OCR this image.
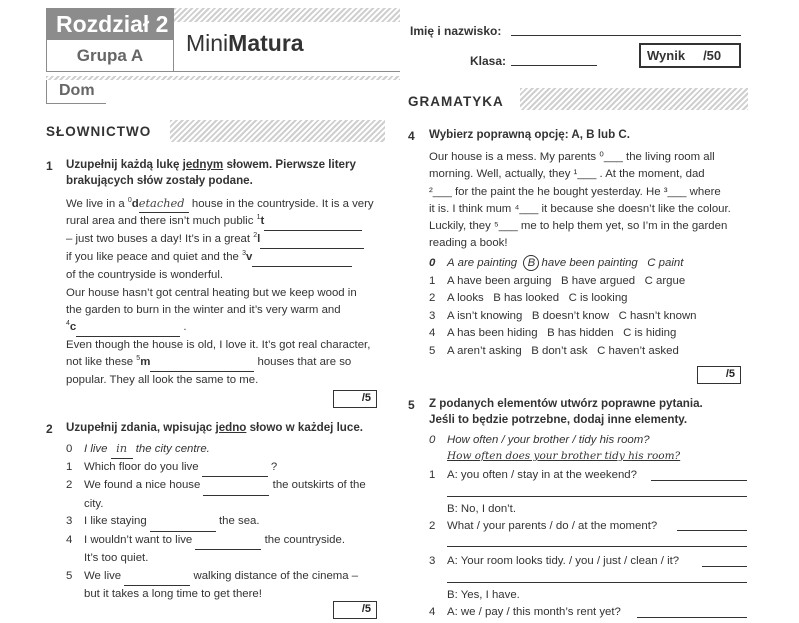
Rozdział 2
Grupa A	MiniMatura	Imię i nazwisko:
Klasa:	Wynik /50
Dom
GRAMATYKA
SŁOWNICTWO
1 Uzupełnij każdą lukę jednym słowem. Pierwsze litery
brakujących słów zostały podane.
We live in a $^0$detached house in the countryside. It is a very
rural area and there isn’t much public $^1$t
– just two buses a day! It’s in a great $^2$l
if you like peace and quiet and the $^3$v
of the countryside is wonderful.
Our house hasn’t got central heating but we keep wood in
the garden to burn in the winter and it’s very warm and
$^4$c	.
Even though the house is old, I love it. It’s got real character,
not like these $^5$m	houses that are so
popular. They all look the same to me.
/5
2 Uzupełnij zdania, wpisując jedno słowo w każdej luce.
0 I live in the city centre.
1 Which floor do you live	?
2 We found a nice house	the outskirts of the
city.
3 I like staying	the sea.
4 I wouldn’t want to live	the countryside.
It’s too quiet.
5 We live	walking distance of the cinema –
but it takes a long time to get there!
/5
4 Wybierz poprawną opcję: A, B lub C.
Our house is a mess. My parents ⁰___ the living room all
morning. Well, actually, they ¹___ . At the moment, dad
²___ for the paint the he bought yesterday. He ³___ where
it is. I think mum ⁴___ it because she doesn’t like the colour.
Luckily, they ⁵___ me to help them yet, so I’m in the garden
reading a book!
0 A are painting B have been painting   C paint
1 A have been arguing   B have argued   C argue
2 A looks   B has looked   C is looking
3 A isn’t knowing   B doesn’t know   C hasn’t known
4 A has been hiding   B has hidden   C is hiding
5 A aren’t asking   B don’t ask   C haven’t asked
/5
5 Z podanych elementów utwórz poprawne pytania.
Jeśli to będzie potrzebne, dodaj inne elementy.
0 How often / your brother / tidy his room?
How often does your brother tidy his room?
1 A: you often / stay in at the weekend?
B: No, I don’t.
2 What / your parents / do / at the moment?
3 A: Your room looks tidy. / you / just / clean / it?
B: Yes, I have.
4 A: we / pay / this month’s rent yet?
